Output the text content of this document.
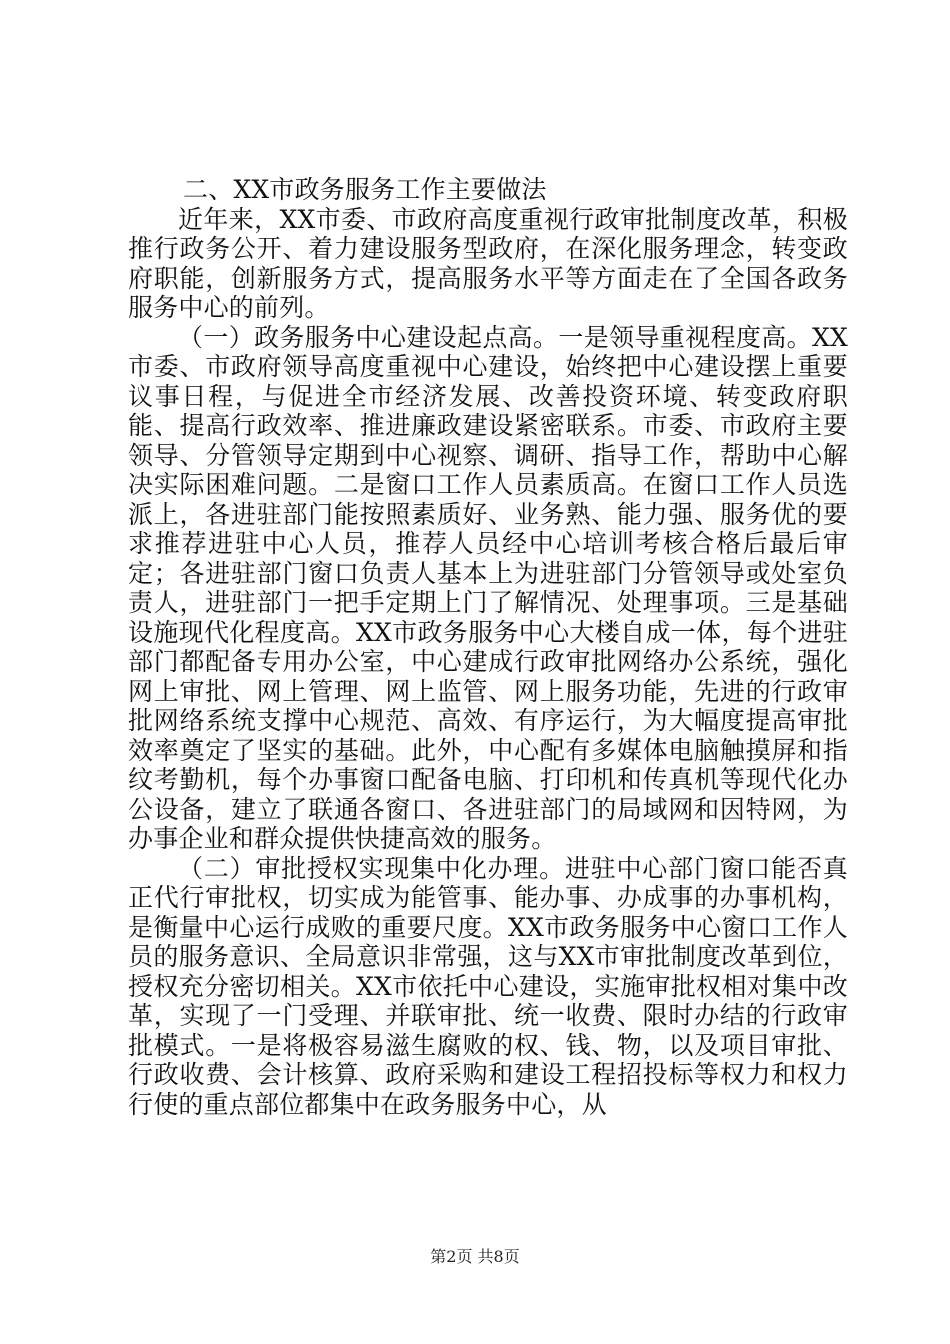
二、XX市政务服务工作主要做法

近年来，XX市委、市政府高度重视行政审批制度改革，积极推行政务公开、着力建设服务型政府，在深化服务理念，转变政府职能，创新服务方式，提高服务水平等方面走在了全国各政务服务中心的前列。

（一）政务服务中心建设起点高。一是领导重视程度高。XX市委、市政府领导高度重视中心建设，始终把中心建设摆上重要议事日程，与促进全市经济发展、改善投资环境、转变政府职能、提高行政效率、推进廉政建设紧密联系。市委、市政府主要领导、分管领导定期到中心视察、调研、指导工作，帮助中心解决实际困难问题。二是窗口工作人员素质高。在窗口工作人员选派上，各进驻部门能按照素质好、业务熟、能力强、服务优的要求推荐进驻中心人员，推荐人员经中心培训考核合格后最后审定；各进驻部门窗口负责人基本上为进驻部门分管领导或处室负责人，进驻部门一把手定期上门了解情况、处理事项。三是基础设施现代化程度高。XX市政务服务中心大楼自成一体，每个进驻部门都配备专用办公室，中心建成行政审批网络办公系统，强化网上审批、网上管理、网上监管、网上服务功能，先进的行政审批网络系统支撑中心规范、高效、有序运行，为大幅度提高审批效率奠定了坚实的基础。此外，中心配有多媒体电脑触摸屏和指纹考勤机，每个办事窗口配备电脑、打印机和传真机等现代化办公设备，建立了联通各窗口、各进驻部门的局域网和因特网，为办事企业和群众提供快捷高效的服务。

（二）审批授权实现集中化办理。进驻中心部门窗口能否真正代行审批权，切实成为能管事、能办事、办成事的办事机构，是衡量中心运行成败的重要尺度。XX市政务服务中心窗口工作人员的服务意识、全局意识非常强，这与XX市审批制度改革到位，授权充分密切相关。XX市依托中心建设，实施审批权相对集中改革，实现了一门受理、并联审批、统一收费、限时办结的行政审批模式。一是将极容易滋生腐败的权、钱、物，以及项目审批、行政收费、会计核算、政府采购和建设工程招投标等权力和权力行使的重点部位都集中在政务服务中心，从

第2页 共8页
